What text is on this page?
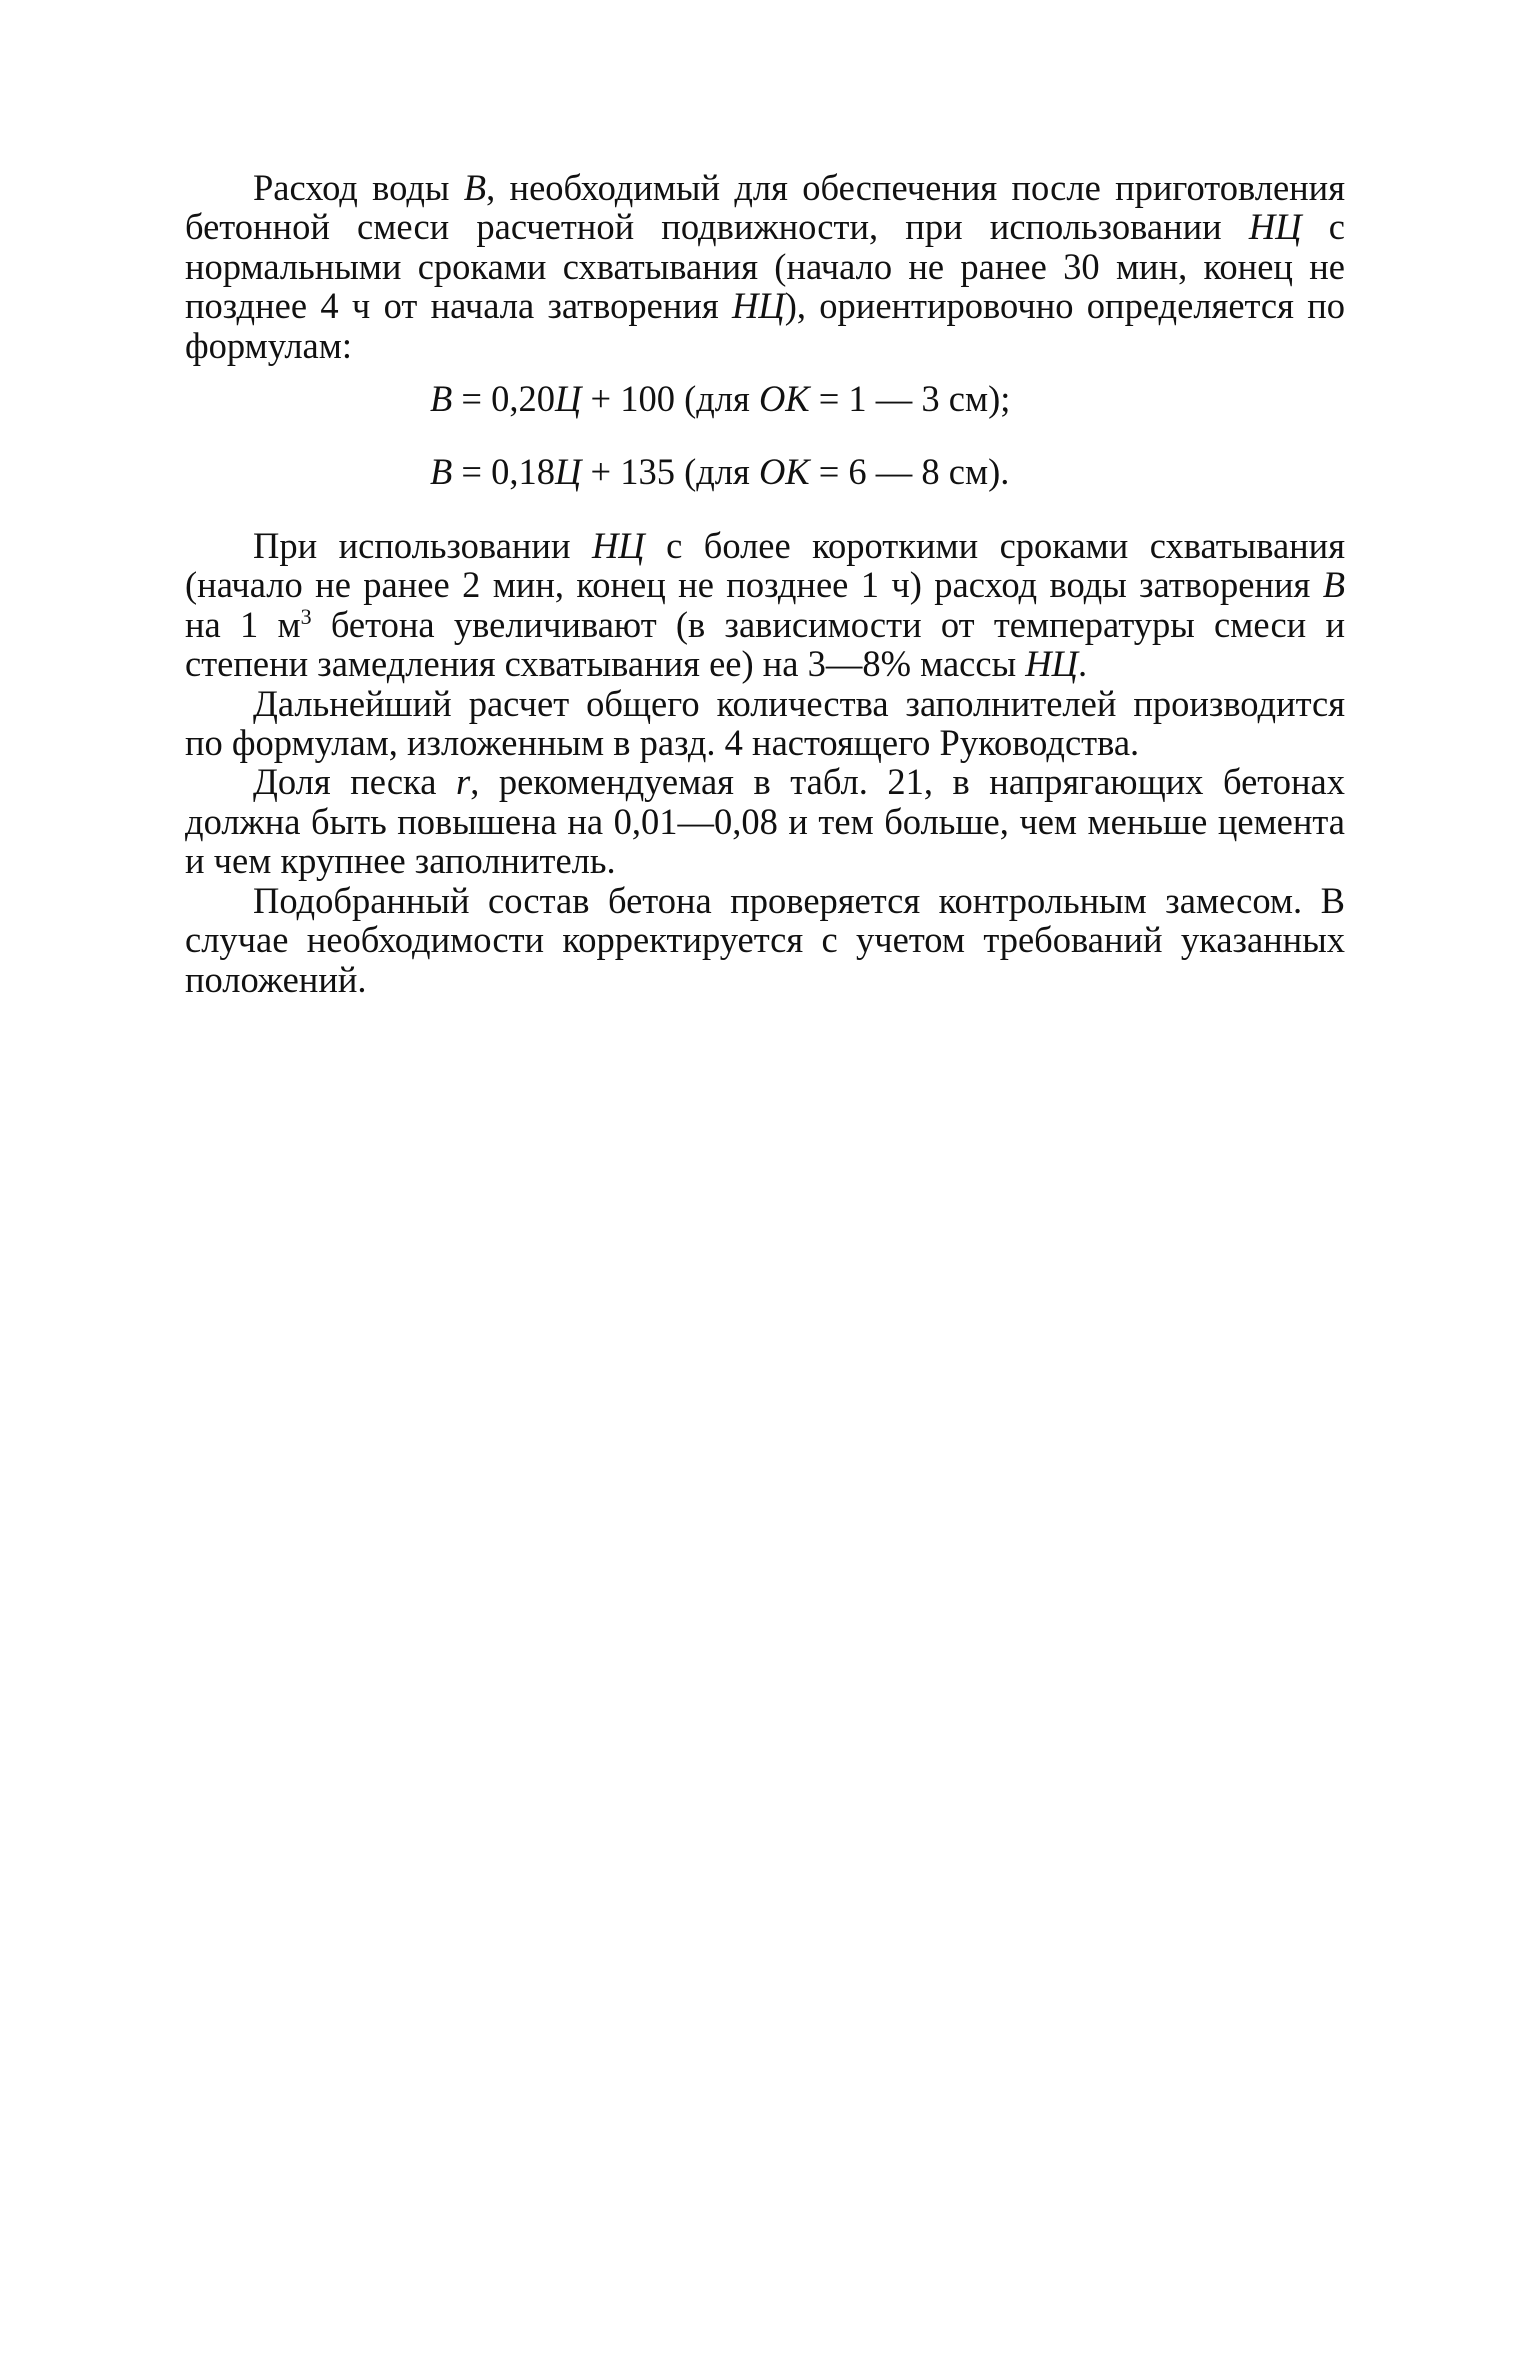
Расход воды В, необходимый для обеспечения после приготовления бетонной смеси расчетной подвижности, при использовании НЦ с нормальными сроками схватывания (начало не ранее 30 мин, конец не позднее 4 ч от начала затворения НЦ), ориентировочно определяется по формулам:

В = 0,20Ц + 100 (для ОК = 1 — 3 см);
В = 0,18Ц + 135 (для ОК = 6 — 8 см).

При использовании НЦ с более короткими сроками схватывания (начало не ранее 2 мин, конец не позднее 1 ч) расход воды затворения В на 1 $м^3$ бетона увеличивают (в зависимости от температуры смеси и степени замедления схватывания ее) на 3—8% массы НЦ.

Дальнейший расчет общего количества заполнителей производится по формулам, изложенным в разд. 4 настоящего Руководства.

Доля песка r, рекомендуемая в табл. 21, в напрягающих бетонах должна быть повышена на 0,01—0,08 и тем больше, чем меньше цемента и чем крупнее заполнитель.

Подобранный состав бетона проверяется контрольным замесом. В случае необходимости корректируется с учетом требований указанных положений.
